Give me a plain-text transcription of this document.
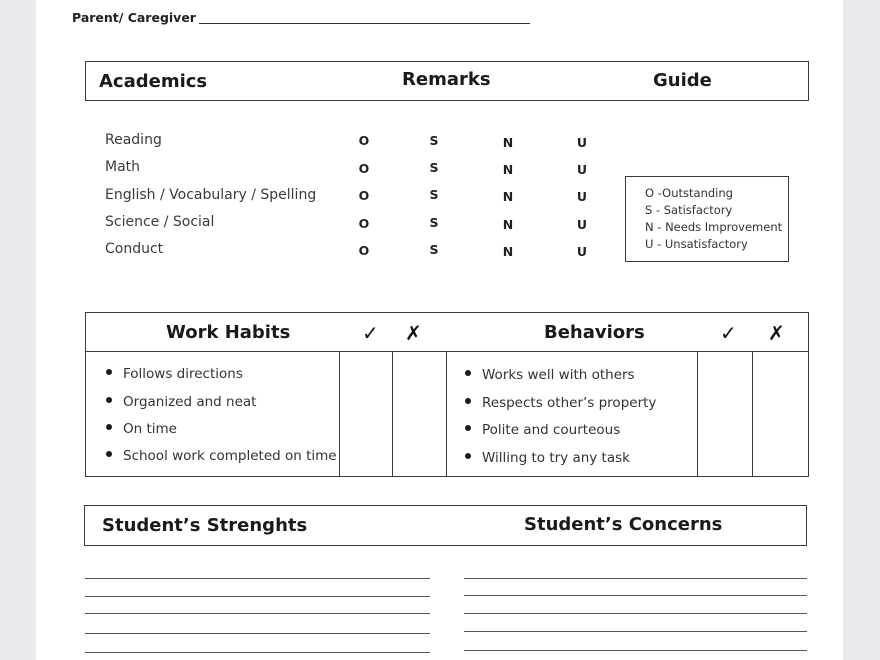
Parent/ Caregiver
Academics	Remarks	Guide
Reading	O	S	N	U
Math	O	S	N	U
English / Vocabulary / Spelling	O	S	N	U
Science / Social	O	S	N	U
Conduct	O	S	N	U
O -Outstanding
S - Satisfactory
N - Needs Improvement
U - Unsatisfactory
Work Habits	✓ ✗	Behaviors	✓ ✗
Follows directions
Organized and neat
On time
School work completed on time
Works well with others
Respects other’s property
Polite and courteous
Willing to try any task
Student’s Strenghts	Student’s Concerns
